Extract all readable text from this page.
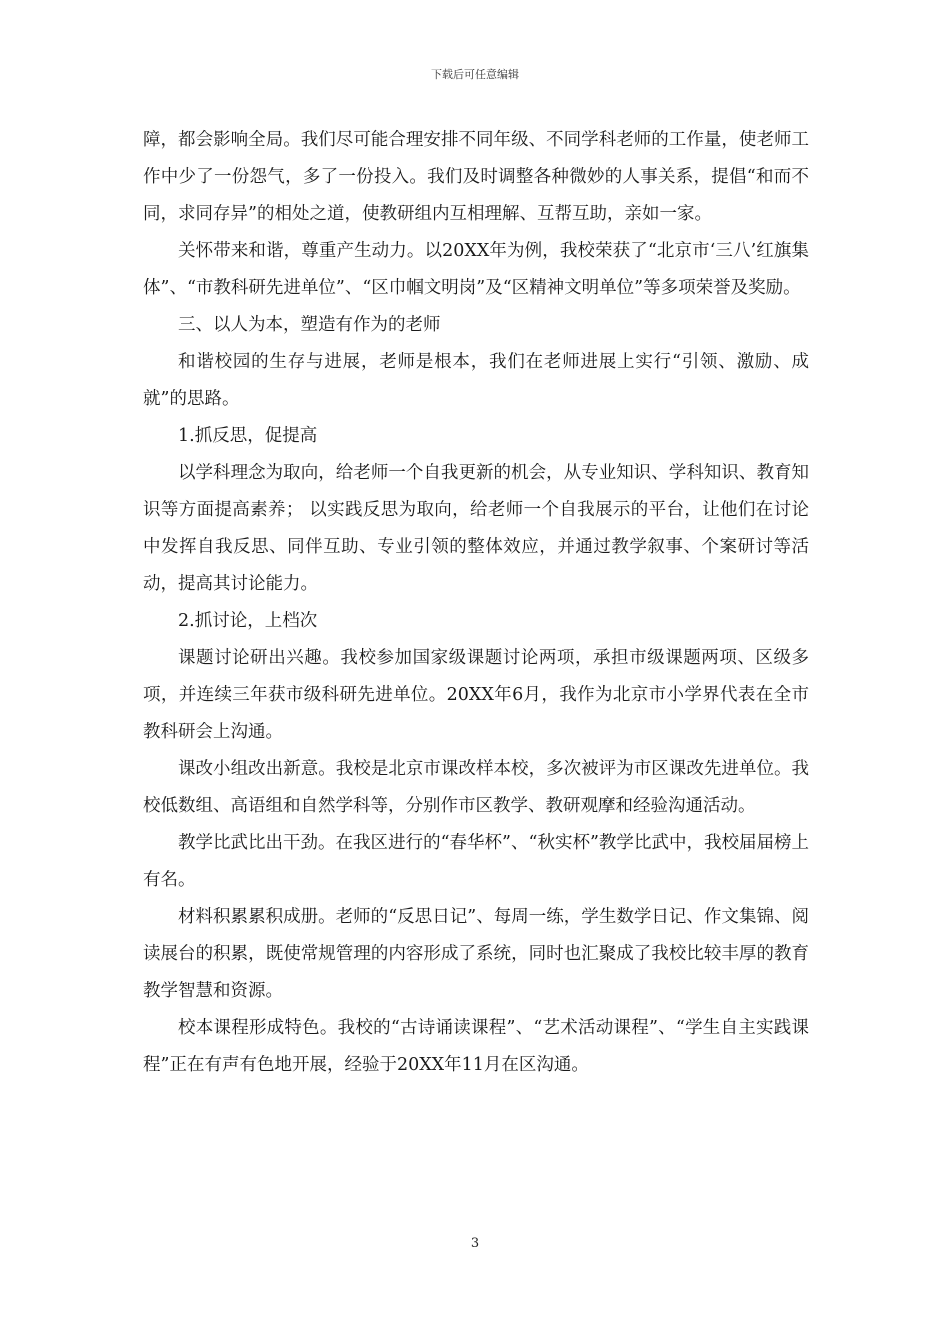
下载后可任意编辑

障，都会影响全局。我们尽可能合理安排不同年级、不同学科老师的工作量，使老师工作中少了一份怨气，多了一份投入。我们及时调整各种微妙的人事关系，提倡“和而不同，求同存异”的相处之道，使教研组内互相理解、互帮互助，亲如一家。

关怀带来和谐，尊重产生动力。以20XX年为例，我校荣获了“北京市‘三八’红旗集体”、“市教科研先进单位”、“区巾帼文明岗”及“区精神文明单位”等多项荣誉及奖励。

三、以人为本，塑造有作为的老师

和谐校园的生存与进展，老师是根本，我们在老师进展上实行“引领、激励、成就”的思路。

1.抓反思，促提高

以学科理念为取向，给老师一个自我更新的机会，从专业知识、学科知识、教育知识等方面提高素养； 以实践反思为取向，给老师一个自我展示的平台，让他们在讨论中发挥自我反思、同伴互助、专业引领的整体效应，并通过教学叙事、个案研讨等活动，提高其讨论能力。

2.抓讨论，上档次

课题讨论研出兴趣。我校参加国家级课题讨论两项，承担市级课题两项、区级多项，并连续三年获市级科研先进单位。20XX年6月，我作为北京市小学界代表在全市教科研会上沟通。

课改小组改出新意。我校是北京市课改样本校，多次被评为市区课改先进单位。我校低数组、高语组和自然学科等，分别作市区教学、教研观摩和经验沟通活动。

教学比武比出干劲。在我区进行的“春华杯”、“秋实杯”教学比武中，我校届届榜上有名。

材料积累累积成册。老师的“反思日记”、每周一练，学生数学日记、作文集锦、阅读展台的积累，既使常规管理的内容形成了系统，同时也汇聚成了我校比较丰厚的教育教学智慧和资源。

校本课程形成特色。我校的“古诗诵读课程”、“艺术活动课程”、“学生自主实践课程”正在有声有色地开展，经验于20XX年11月在区沟通。

3
